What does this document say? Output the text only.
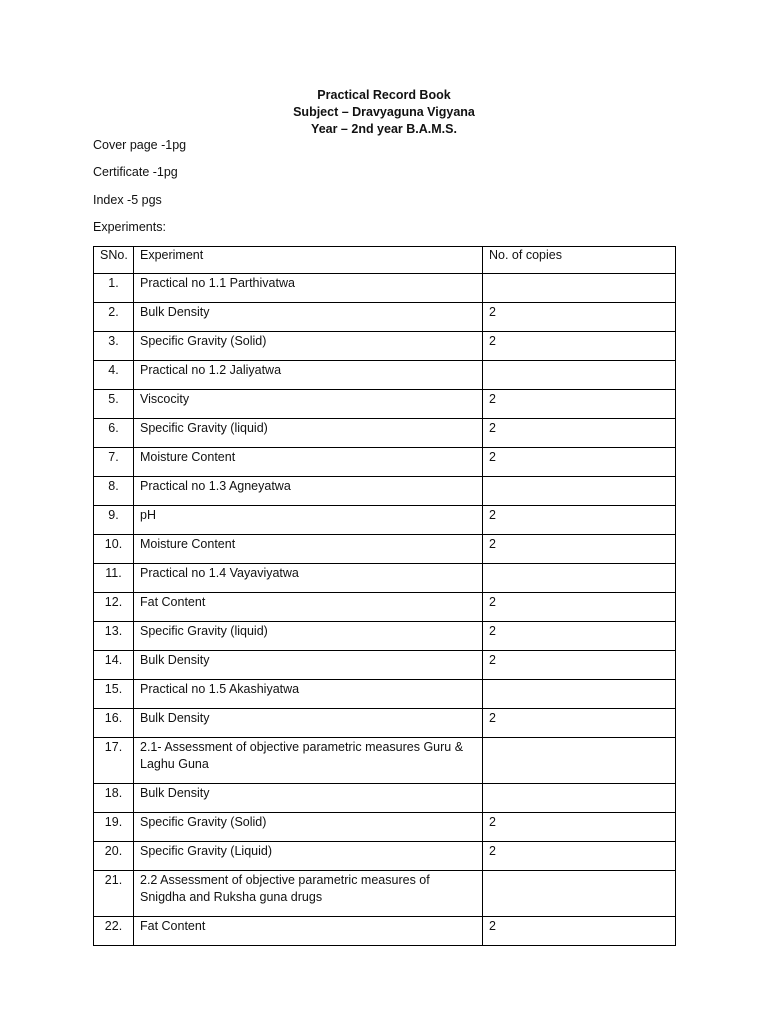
Practical Record Book
Subject – Dravyaguna Vigyana
Year – 2nd year B.A.M.S.
Cover page -1pg
Certificate -1pg
Index -5 pgs
Experiments:
SNo.	Experiment	No. of copies
1.	Practical no 1.1 Parthivatwa	
2.	Bulk Density	2
3.	Specific Gravity (Solid)	2
4.	Practical no 1.2 Jaliyatwa	
5.	Viscocity	2
6.	Specific Gravity (liquid)	2
7.	Moisture Content	2
8.	Practical no 1.3 Agneyatwa	
9.	pH	2
10.	Moisture Content	2
11.	Practical no 1.4 Vayaviyatwa	
12.	Fat Content	2
13.	Specific Gravity (liquid)	2
14.	Bulk Density	2
15.	Practical no 1.5 Akashiyatwa	
16.	Bulk Density	2
17.	2.1- Assessment of objective parametric measures Guru & Laghu Guna	
18.	Bulk Density	
19.	Specific Gravity (Solid)	2
20.	Specific Gravity (Liquid)	2
21.	2.2 Assessment of objective parametric measures of Snigdha and Ruksha guna drugs	
22.	Fat Content	2
